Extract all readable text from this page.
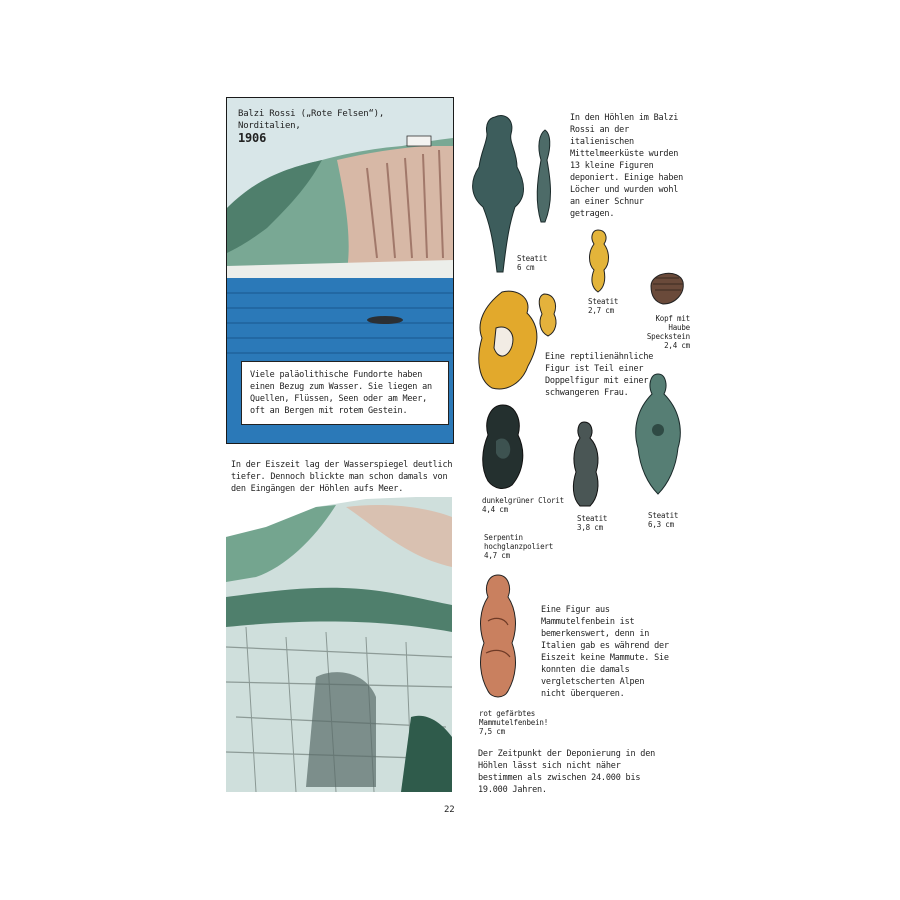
Balzi Rossi („Rote Felsen“), Norditalien,
1906
Viele paläolithische Fundorte haben einen Bezug zum Wasser. Sie liegen an Quellen, Flüssen, Seen oder am Meer, oft an Bergen mit rotem Gestein.
In der Eiszeit lag der Wasserspiegel deutlich tiefer. Dennoch blickte man schon damals von den Eingängen der Höhlen aufs Meer.
Steatit
6 cm
In den Höhlen im Balzi Rossi an der italienischen Mittelmeerküste wurden 13 kleine Figuren deponiert. Einige haben Löcher und wurden wohl an einer Schnur getragen.
Steatit
2,7 cm
Kopf mit Haube
Speckstein
2,4 cm
Eine reptilienähnliche Figur ist Teil einer Doppelfigur mit einer schwangeren Frau.
dunkelgrüner Clorit
4,4 cm
Steatit
3,8 cm
Steatit
6,3 cm
Serpentin
hochglanzpoliert
4,7 cm
Eine Figur aus Mammutelfenbein ist bemerkenswert, denn in Italien gab es während der Eiszeit keine Mammute. Sie konnten die damals vergletscherten Alpen nicht überqueren.
rot gefärbtes
Mammutelfenbein!
7,5 cm
Der Zeitpunkt der Deponierung in den Höhlen lässt sich nicht näher bestimmen als zwischen 24.000 bis 19.000 Jahren.
22
